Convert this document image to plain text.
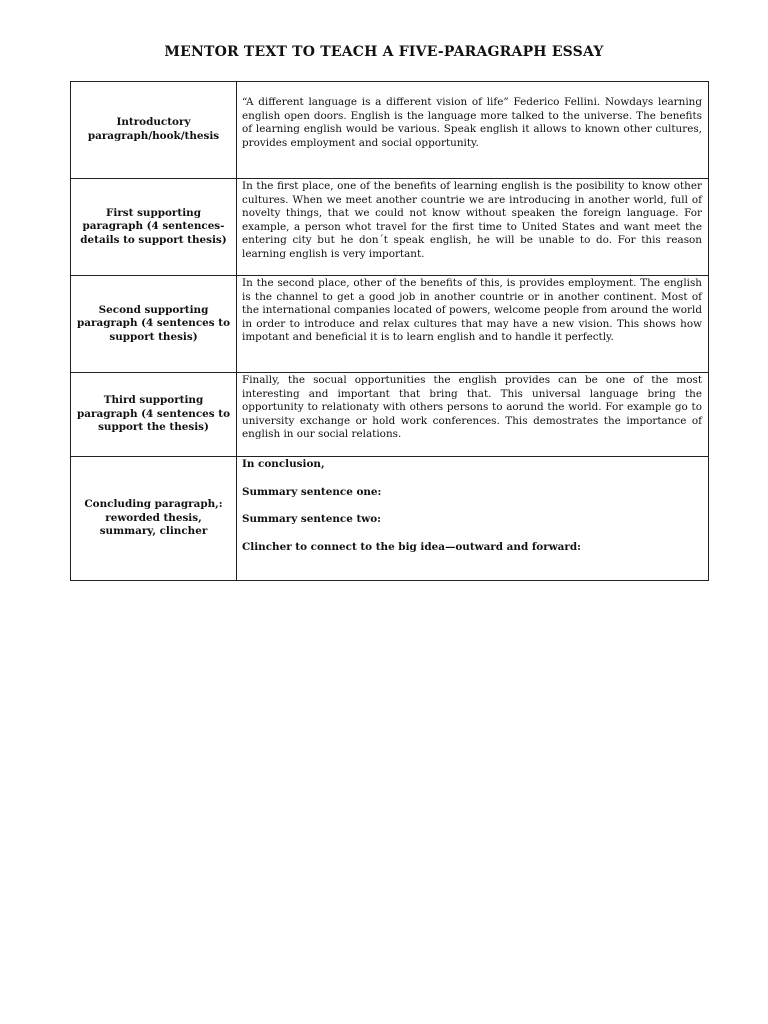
MENTOR TEXT TO TEACH A FIVE-PARAGRAPH ESSAY
Introductory paragraph/hook/thesis	“A different language is a different vision of life” Federico Fellini. Nowdays learning english open doors. English is the language more talked to the universe. The benefits of learning english would be various. Speak english it allows to known other cultures, provides employment and social opportunity.
First supporting paragraph (4 sentences-details to support thesis)	In the first place, one of the benefits of learning english is the posibility to know other cultures. When we meet another countrie we are introducing in another world, full of novelty things, that we could not know without speaken the foreign language. For example, a person whot travel for the first time to United States and want meet the entering city but he don´t speak english, he will be unable to do. For this reason learning english is very important.
Second supporting paragraph (4 sentences to support thesis)	In the second place, other of the benefits of this, is provides employment. The english is the channel to get a good job in another countrie or in another continent. Most of the international companies located of powers, welcome people from around the world in order to introduce and relax cultures that may have a new vision. This shows how impotant and beneficial it is to learn english and to handle it perfectly.
Third supporting paragraph (4 sentences to support the thesis)	Finally, the socual opportunities the english provides can be one of the most interesting and important that bring that. This universal language bring the opportunity to relationaty with others persons to aorund the world. For example go to university exchange or hold work conferences. This demostrates the importance of english in our social relations.
Concluding paragraph,: reworded thesis, summary, clincher	In conclusion,

Summary sentence one:

Summary sentence two:

Clincher to connect to the big idea—outward and forward:
